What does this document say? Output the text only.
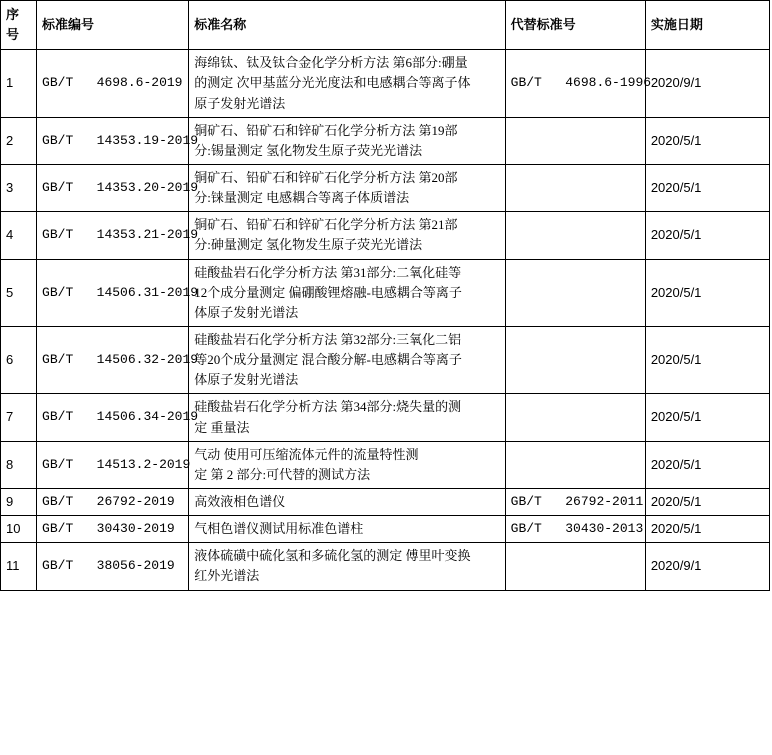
序号	标准编号	标准名称	代替标准号	实施日期
1	GB/T   4698.6-2019	海绵钛、钛及钛合金化学分析方法 第6部分:硼量
的测定 次甲基蓝分光光度法和电感耦合等离子体
原子发射光谱法	GB/T   4698.6-1996	2020/9/1
2	GB/T   14353.19-2019	铜矿石、铅矿石和锌矿石化学分析方法 第19部
分:锡量测定 氢化物发生原子荧光光谱法		2020/5/1
3	GB/T   14353.20-2019	铜矿石、铅矿石和锌矿石化学分析方法 第20部
分:铼量测定 电感耦合等离子体质谱法		2020/5/1
4	GB/T   14353.21-2019	铜矿石、铅矿石和锌矿石化学分析方法 第21部
分:砷量测定 氢化物发生原子荧光光谱法		2020/5/1
5	GB/T   14506.31-2019	硅酸盐岩石化学分析方法 第31部分:二氧化硅等
12个成分量测定 偏硼酸锂熔融-电感耦合等离子
体原子发射光谱法		2020/5/1
6	GB/T   14506.32-2019	硅酸盐岩石化学分析方法 第32部分:三氧化二铝
等20个成分量测定 混合酸分解-电感耦合等离子
体原子发射光谱法		2020/5/1
7	GB/T   14506.34-2019	硅酸盐岩石化学分析方法 第34部分:烧失量的测
定 重量法		2020/5/1
8	GB/T   14513.2-2019	气动 使用可压缩流体元件的流量特性测
定 第 2 部分:可代替的测试方法		2020/5/1
9	GB/T   26792-2019	高效液相色谱仪	GB/T   26792-2011	2020/5/1
10	GB/T   30430-2019	气相色谱仪测试用标准色谱柱	GB/T   30430-2013	2020/5/1
11	GB/T   38056-2019	液体硫磺中硫化氢和多硫化氢的测定 傅里叶变换
红外光谱法		2020/9/1
